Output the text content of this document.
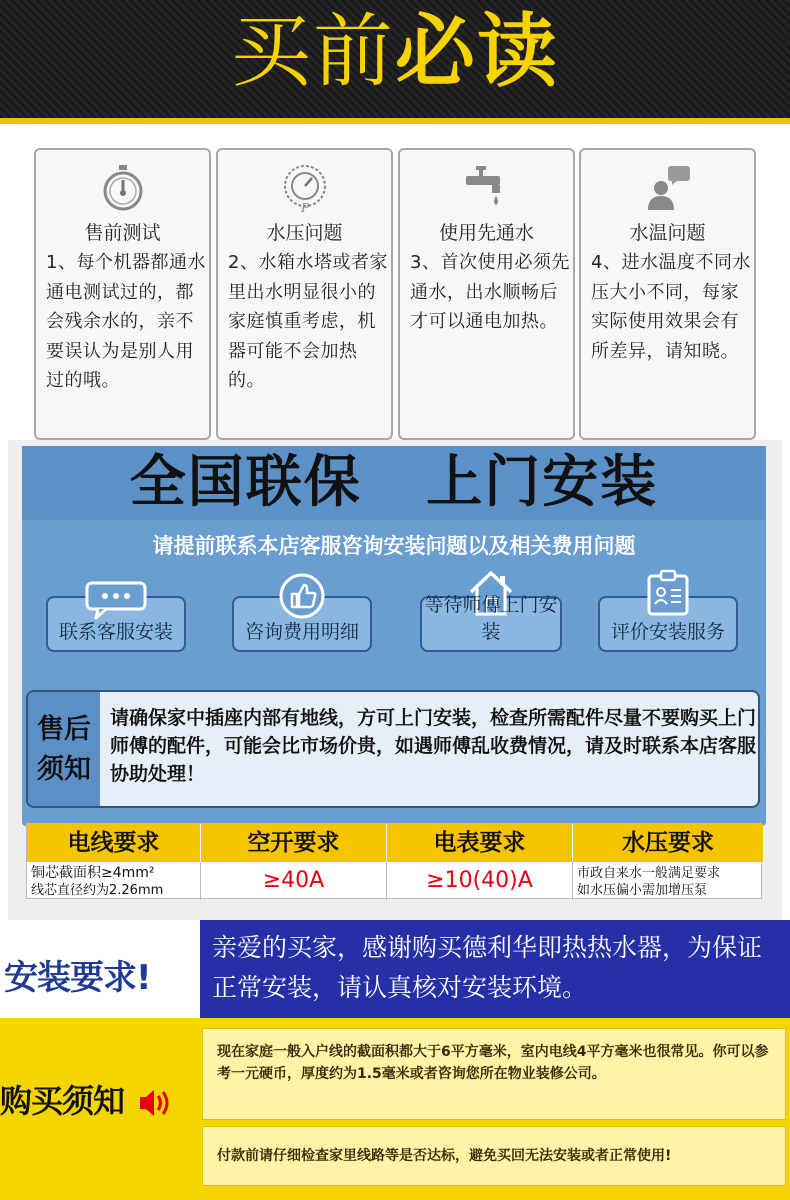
买前必读
售前测试
1、每个机器都通水通电测试过的，都会残余水的，亲不要误认为是别人用过的哦。
P
水压问题
2、水箱水塔或者家里出水明显很小的家庭慎重考虑，机器可能不会加热的。
使用先通水
3、首次使用必须先通水，出水顺畅后才可以通电加热。
水温问题
4、进水温度不同水压大小不同，每家实际使用效果会有所差异，请知晓。
全国联保   上门安装
请提前联系本店客服咨询安装问题以及相关费用问题
联系客服安装	咨询费用明细
等待师傅上门安装	评价安装服务
售后须知
请确保家中插座内部有地线，方可上门安装，检查所需配件尽量不要购买上门师傅的配件，可能会比市场价贵，如遇师傅乱收费情况，请及时联系本店客服协助处理！
电线要求	空开要求	电表要求	水压要求
铜芯截面积≥4mm²
线芯直径约为2.26mm	≥40A	≥10(40)A	市政自来水一般满足要求
如水压偏小需加增压泵
安装要求!
亲爱的买家，感谢购买德利华即热热水器，为保证正常安装，请认真核对安装环境。
购买须知
现在家庭一般入户线的截面积都大于6平方毫米，室内电线4平方毫米也很常见。你可以参考一元硬币，厚度约为1.5毫米或者咨询您所在物业装修公司。
付款前请仔细检查家里线路等是否达标，避免买回无法安装或者正常使用!
